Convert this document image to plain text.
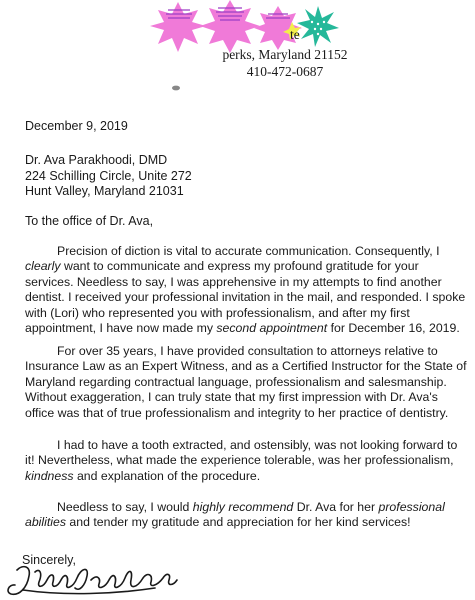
te
perks, Maryland 21152
410-472-0687
December 9, 2019
Dr. Ava Parakhoodi, DMD
224 Schilling Circle, Unite 272
Hunt Valley, Maryland 21031
To the office of Dr. Ava,

Precision of diction is vital to accurate communication. Consequently, I clearly want to communicate and express my profound gratitude for your services. Needless to say, I was apprehensive in my attempts to find another dentist. I received your professional invitation in the mail, and responded. I spoke with (Lori) who represented you with professionalism, and after my first appointment, I have now made my second appointment for December 16, 2019.

For over 35 years, I have provided consultation to attorneys relative to Insurance Law as an Expert Witness, and as a Certified Instructor for the State of Maryland regarding contractual language, professionalism and salesmanship. Without exaggeration, I can truly state that my first impression with Dr. Ava's office was that of true professionalism and integrity to her practice of dentistry.

I had to have a tooth extracted, and ostensibly, was not looking forward to it! Nevertheless, what made the experience tolerable, was her professionalism, kindness and explanation of the procedure.

Needless to say, I would highly recommend Dr. Ava for her professional abilities and tender my gratitude and appreciation for her kind services!

Sincerely,
